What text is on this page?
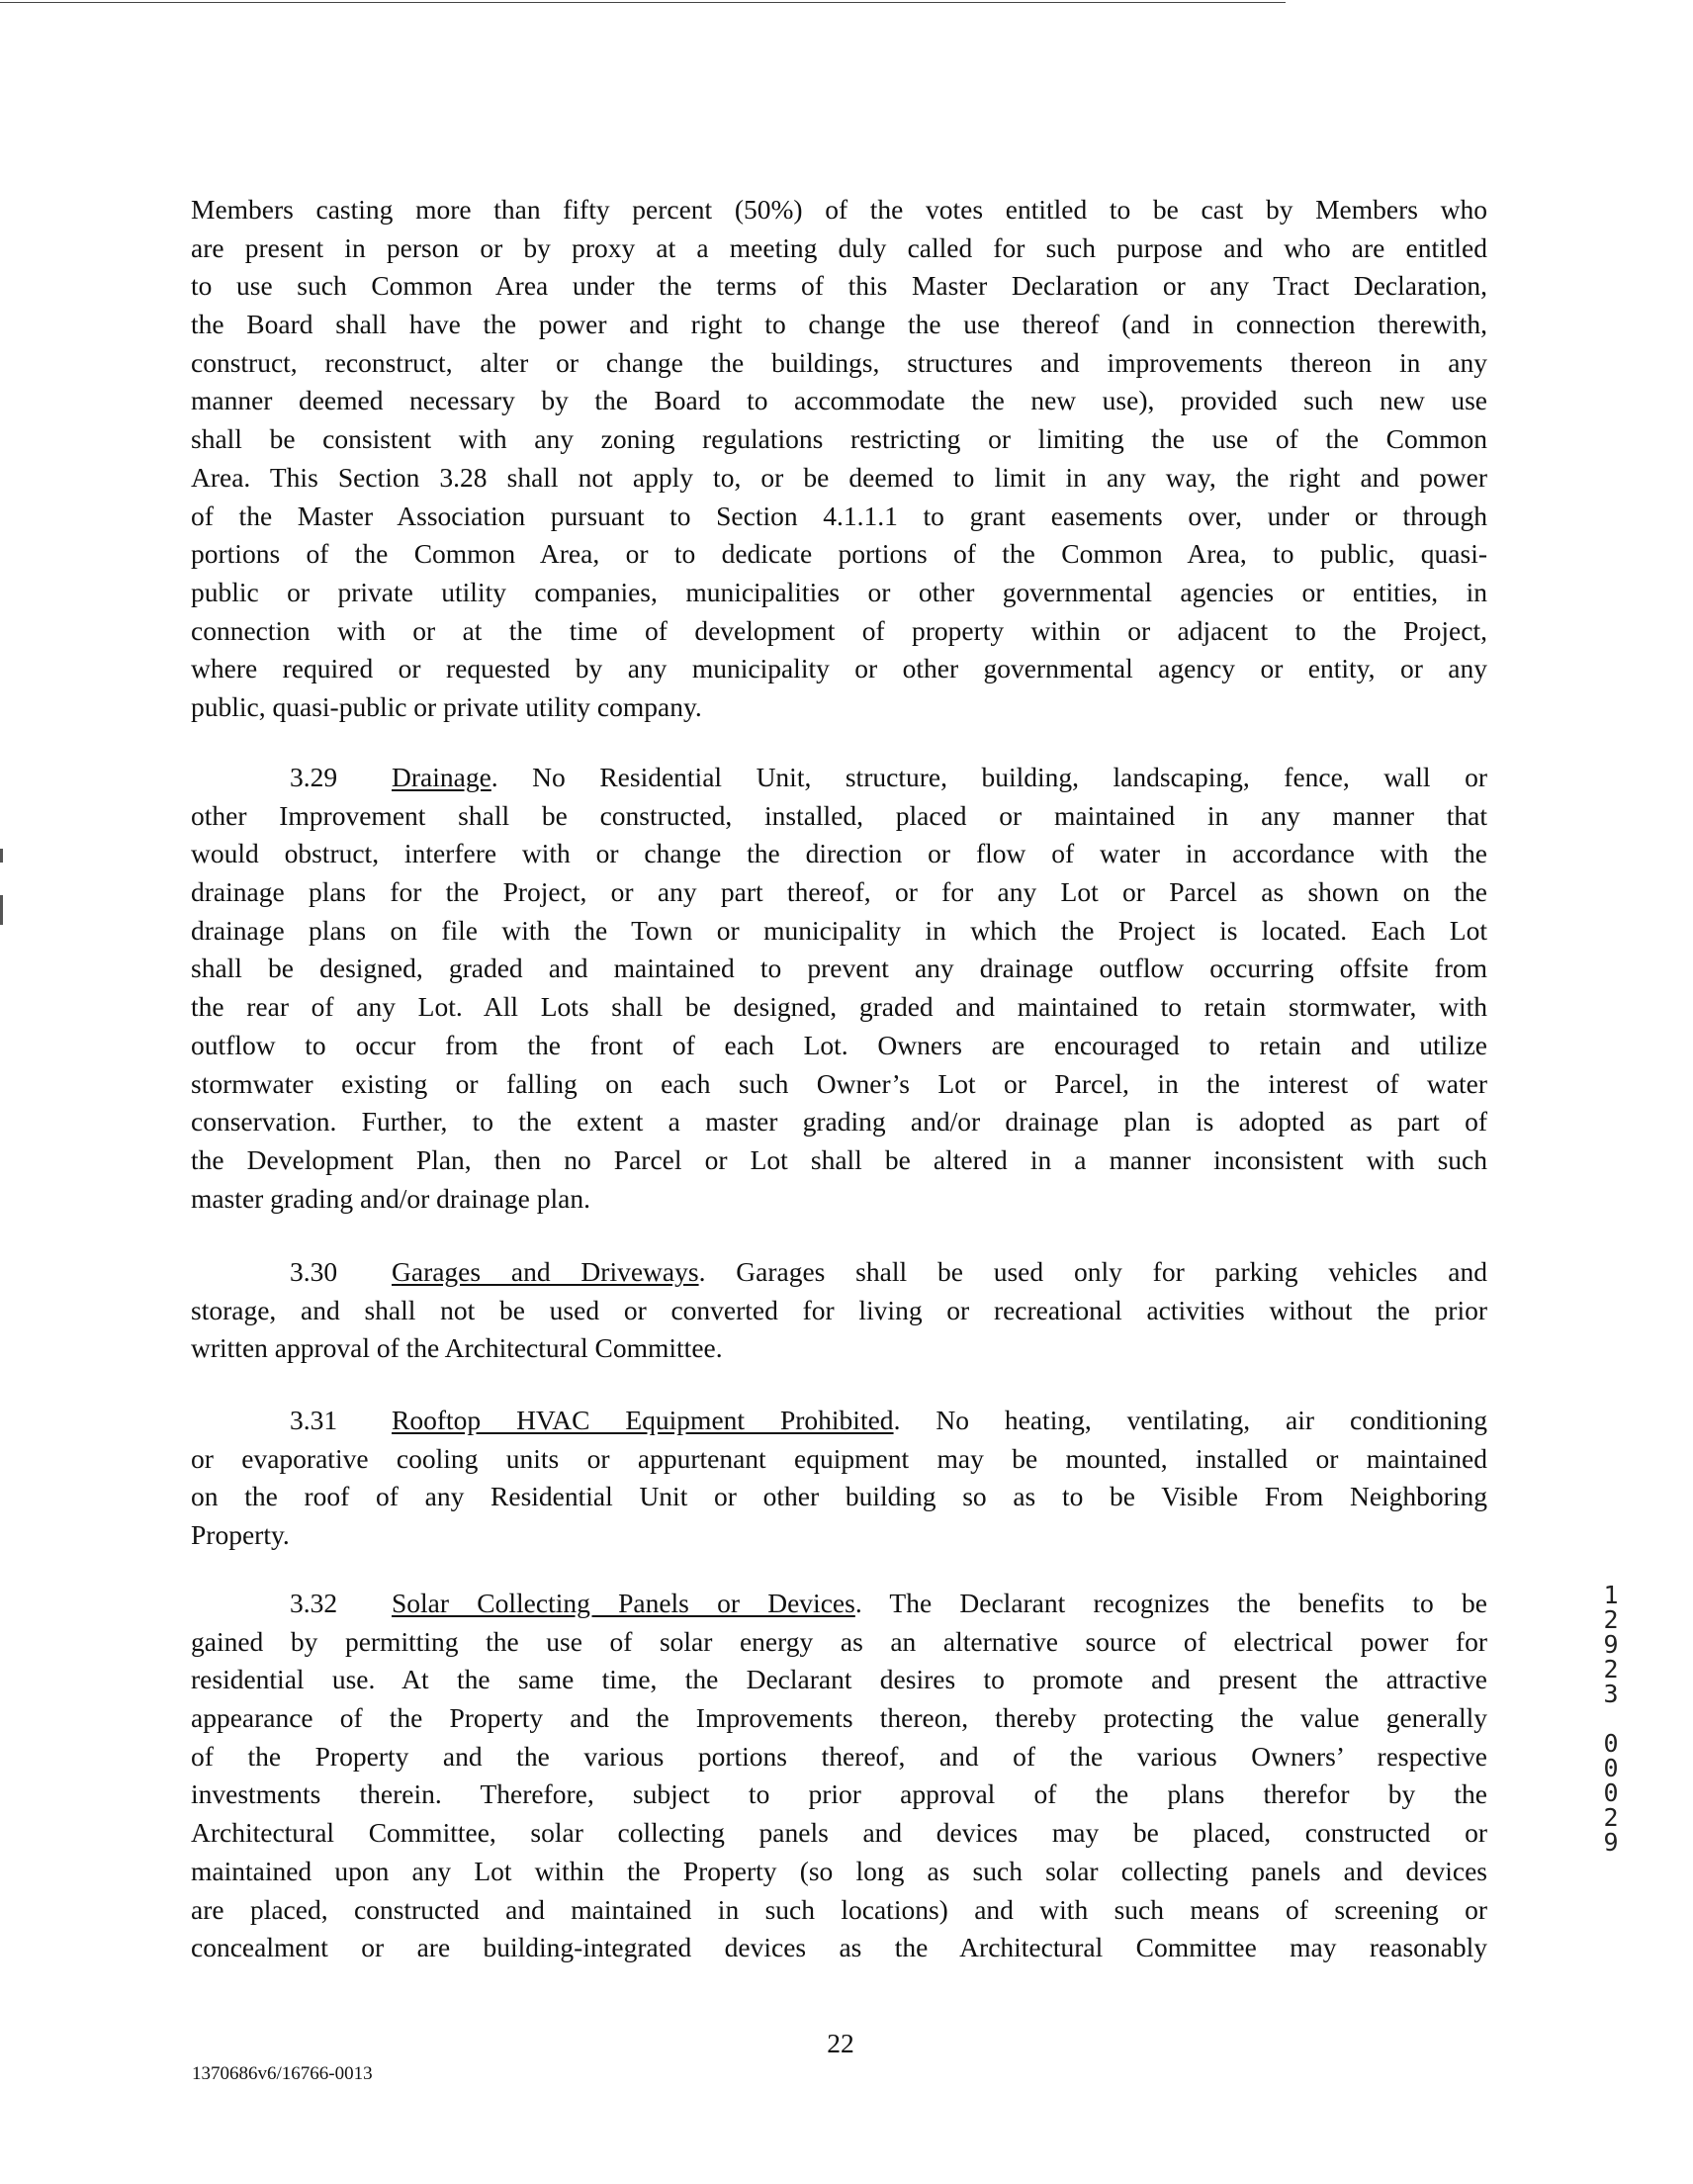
Members casting more than fifty percent (50%) of the votes entitled to be cast by Members who
are present in person or by proxy at a meeting duly called for such purpose and who are entitled
to use such Common Area under the terms of this Master Declaration or any Tract Declaration,
the Board shall have the power and right to change the use thereof (and in connection therewith,
construct, reconstruct, alter or change the buildings, structures and improvements thereon in any
manner deemed necessary by the Board to accommodate the new use), provided such new use
shall be consistent with any zoning regulations restricting or limiting the use of the Common
Area. This Section 3.28 shall not apply to, or be deemed to limit in any way, the right and power
of the Master Association pursuant to Section 4.1.1.1 to grant easements over, under or through
portions of the Common Area, or to dedicate portions of the Common Area, to public, quasi-
public or private utility companies, municipalities or other governmental agencies or entities, in
connection with or at the time of development of property within or adjacent to the Project,
where required or requested by any municipality or other governmental agency or entity, or any
public, quasi-public or private utility company.
3.29 Drainage. No Residential Unit, structure, building, landscaping, fence, wall or
other Improvement shall be constructed, installed, placed or maintained in any manner that
would obstruct, interfere with or change the direction or flow of water in accordance with the
drainage plans for the Project, or any part thereof, or for any Lot or Parcel as shown on the
drainage plans on file with the Town or municipality in which the Project is located. Each Lot
shall be designed, graded and maintained to prevent any drainage outflow occurring offsite from
the rear of any Lot. All Lots shall be designed, graded and maintained to retain stormwater, with
outflow to occur from the front of each Lot. Owners are encouraged to retain and utilize
stormwater existing or falling on each such Owner’s Lot or Parcel, in the interest of water
conservation. Further, to the extent a master grading and/or drainage plan is adopted as part of
the Development Plan, then no Parcel or Lot shall be altered in a manner inconsistent with such
master grading and/or drainage plan.
3.30 Garages and Driveways. Garages shall be used only for parking vehicles and
storage, and shall not be used or converted for living or recreational activities without the prior
written approval of the Architectural Committee.
3.31 Rooftop HVAC Equipment Prohibited. No heating, ventilating, air conditioning
or evaporative cooling units or appurtenant equipment may be mounted, installed or maintained
on the roof of any Residential Unit or other building so as to be Visible From Neighboring
Property.
3.32 Solar Collecting Panels or Devices. The Declarant recognizes the benefits to be
gained by permitting the use of solar energy as an alternative source of electrical power for
residential use. At the same time, the Declarant desires to promote and present the attractive
appearance of the Property and the Improvements thereon, thereby protecting the value generally
of the Property and the various portions thereof, and of the various Owners’ respective
investments therein. Therefore, subject to prior approval of the plans therefor by the
Architectural Committee, solar collecting panels and devices may be placed, constructed or
maintained upon any Lot within the Property (so long as such solar collecting panels and devices
are placed, constructed and maintained in such locations) and with such means of screening or
concealment or are building-integrated devices as the Architectural Committee may reasonably
22
1370686v6/16766-0013
1
2
9
2
3
0
0
0
2
9
